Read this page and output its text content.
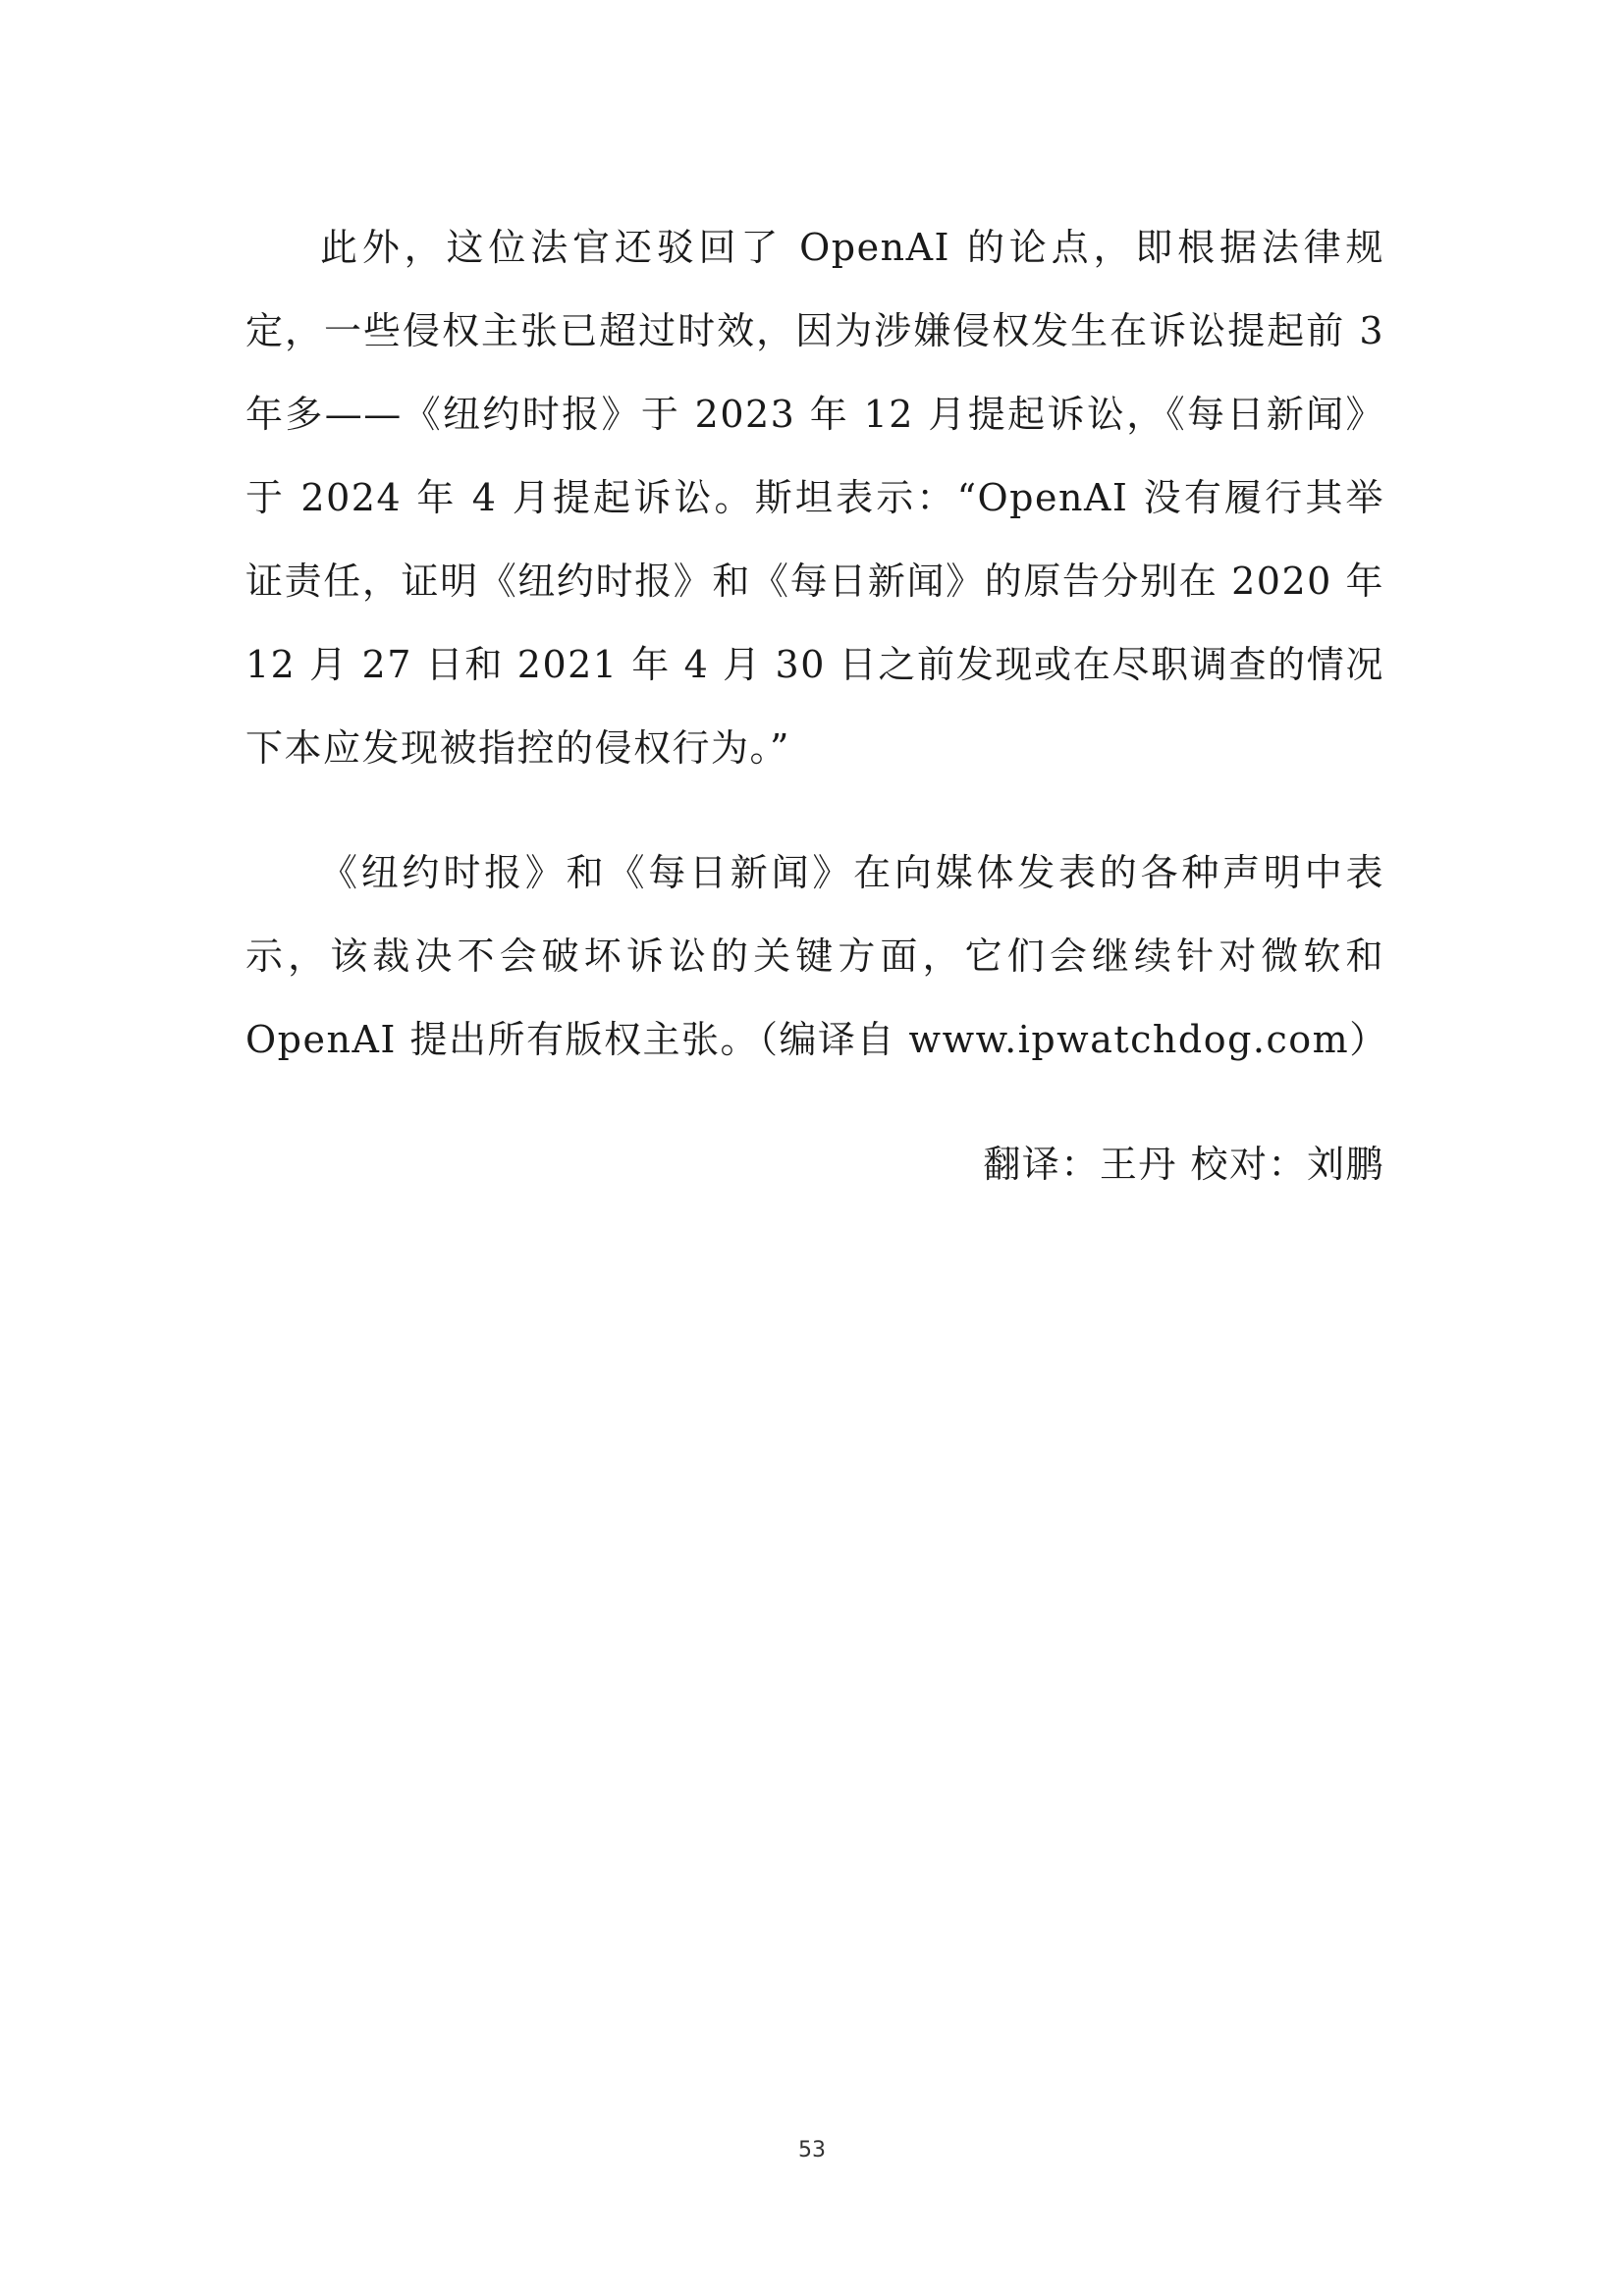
此外，这位法官还驳回了 OpenAI 的论点，即根据法律规定，一些侵权主张已超过时效，因为涉嫌侵权发生在诉讼提起前 3 年多——《纽约时报》于 2023 年 12 月提起诉讼，《每日新闻》于 2024 年 4 月提起诉讼。斯坦表示：“OpenAI 没有履行其举证责任，证明《纽约时报》和《每日新闻》的原告分别在 2020 年 12 月 27 日和 2021 年 4 月 30 日之前发现或在尽职调查的情况下本应发现被指控的侵权行为。”

《纽约时报》和《每日新闻》在向媒体发表的各种声明中表示，该裁决不会破坏诉讼的关键方面，它们会继续针对微软和 OpenAI 提出所有版权主张。（编译自 www.ipwatchdog.com）

翻译：王丹 校对：刘鹏

53
